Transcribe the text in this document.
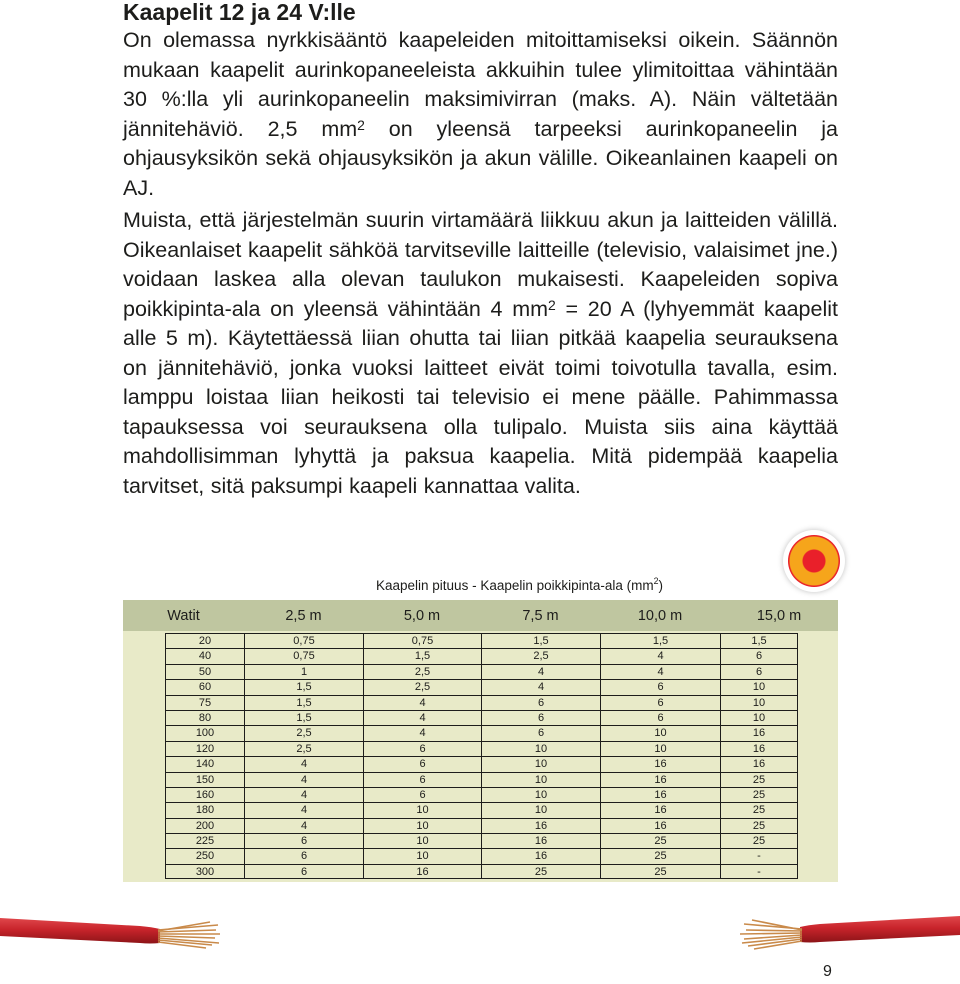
Kaapelit 12 ja 24 V:lle
On olemassa nyrkkisääntö kaapeleiden mitoittamiseksi oikein. Säännön mukaan kaapelit aurinkopaneeleista akkuihin tulee ylimitoittaa vähintään 30 %:lla yli aurinkopaneelin maksimivirran (maks. A). Näin vältetään jännitehäviö. 2,5 $mm^2$ on yleensä tarpeeksi aurinkopaneelin ja ohjausyksikön sekä ohjausyksikön ja akun välille. Oikeanlainen kaapeli on AJ.
Muista, että järjestelmän suurin virtamäärä liikkuu akun ja laitteiden välillä. Oikeanlaiset kaapelit sähköä tarvitseville laitteille (televisio, valaisimet jne.) voidaan laskea alla olevan taulukon mukaisesti. Kaapeleiden sopiva poikkipinta-ala on yleensä vähintään 4 $mm^2 = 20$ A (lyhyemmät kaapelit alle 5 m). Käytettäessä liian ohutta tai liian pitkää kaapelia seurauksena on jännitehäviö, jonka vuoksi laitteet eivät toimi toivotulla tavalla, esim. lamppu loistaa liian heikosti tai televisio ei mene päälle. Pahimmassa tapauksessa voi seurauksena olla tulipalo. Muista siis aina käyttää mahdollisimman lyhyttä ja paksua kaapelia. Mitä pidempää kaapelia tarvitset, sitä paksumpi kaapeli kannattaa valita.
Kaapelin pituus - Kaapelin poikkipinta-ala $(mm^2)$
Watit	2,5 m	5,0 m	7,5 m	10,0 m	15,0 m
20	0,75	0,75	1,5	1,5	1,5
40	0,75	1,5	2,5	4	6
50	1	2,5	4	4	6
60	1,5	2,5	4	6	10
75	1,5	4	6	6	10
80	1,5	4	6	6	10
100	2,5	4	6	10	16
120	2,5	6	10	10	16
140	4	6	10	16	16
150	4	6	10	16	25
160	4	6	10	16	25
180	4	10	10	16	25
200	4	10	16	16	25
225	6	10	16	25	25
250	6	10	16	25	-
300	6	16	25	25	-
9
